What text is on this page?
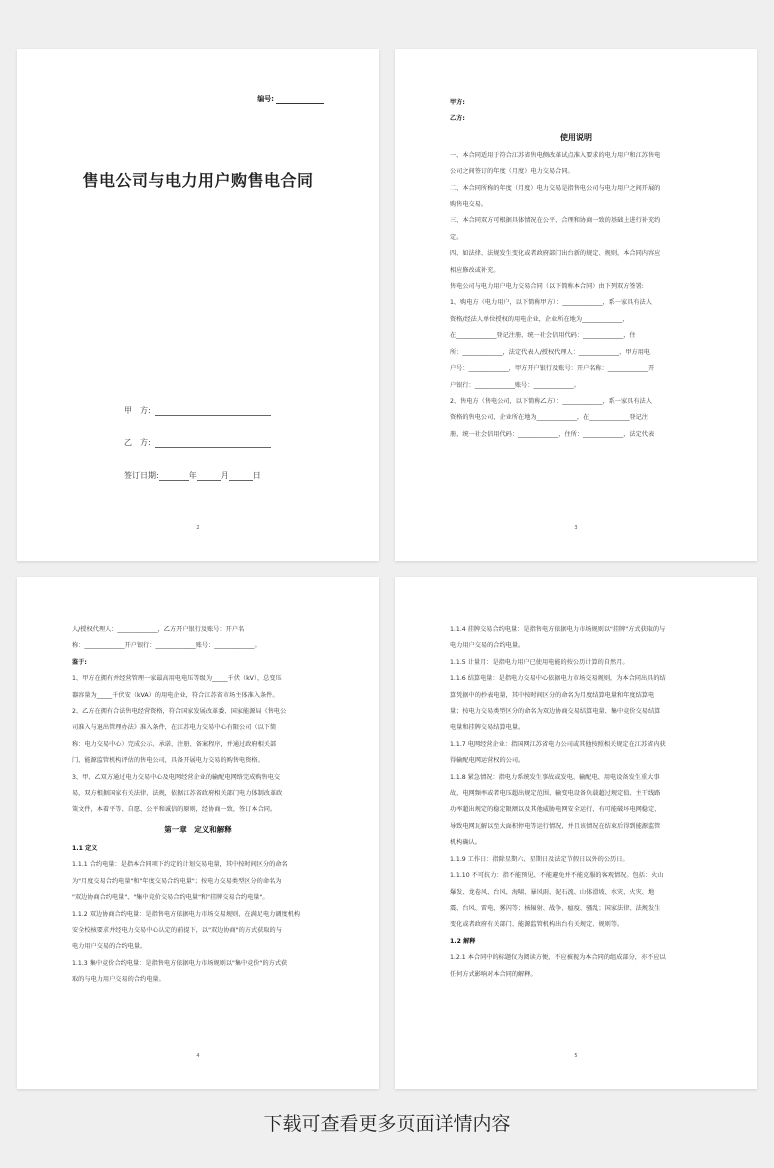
编号:
售电公司与电力用户购售电合同
甲　方:
乙　方:
签订日期:	年	月	日
2

甲方:

乙方:

使用说明

一、本合同适用于符合江苏省售电侧改革试点准入要求的电力用户和江苏售电

公司之间签订的年度（月度）电力交易合同。

二、本合同所称的年度（月度）电力交易是指售电公司与电力用户之间开展的

购售电交易。

三、本合同双方可根据具体情况在公平、合理和协商一致的基础上进行补充约

定。

四、如法律、法规发生变化或者政府部门出台新的规定、规则，本合同内容应

相应修改或补充。

售电公司与电力用户电力交易合同（以下简称本合同）由下列双方签署:

1、购电方（电力用户，以下简称甲方）：_____________，系一家具有法人

资格/经法人单位授权的用电企业，企业所在地为_____________，

在_____________登记注册，统一社会信用代码：_____________，住

所：_____________，法定代表人/授权代理人：_____________，甲方用电

户号：_____________，甲方开户银行及账号：开户名称：_____________开

户银行：_____________账号：_____________。

2、售电方（售电公司，以下简称乙方）：_____________，系一家具有法人

资格的售电公司，企业所在地为_____________，在_____________登记注

册，统一社会信用代码：_____________，住所：_____________，法定代表

3

人/授权代理人：_____________，乙方开户银行及账号：开户名

称：_____________开户银行：_____________账号：_____________。

鉴于:

1、甲方在拥有并经营管理一家最高用电电压等级为_____千伏（kV），总变压

器容量为_____千伏安（kVA）的用电企业，符合江苏省市场主体准入条件。

2、乙方在拥有合法售电经营资格，符合国家发展改革委、国家能源局《售电公

司准入与退出管理办法》准入条件，在江苏电力交易中心有限公司（以下简

称：电力交易中心）完成公示、承诺、注册、备案程序，并通过政府相关部

门、能源监管机构评估的售电公司，具备开展电力交易的购售电资格。

3、甲、乙双方通过电力交易中心及电网经营企业的输配电网络完成购售电交

易，双方根据国家有关法律、法规，依据江苏省政府相关部门电力体制改革政

策文件，本着平等、自愿、公平和诚信的原则，经协商一致，签订本合同。

第一章　定义和解释

1.1 定义

1.1.1 合约电量：是指本合同项下约定的计划交易电量，其中按时间区分的命名

为"月度交易合约电量"和"年度交易合约电量"；按电力交易类型区分的命名为

"双边协商合约电量"、"集中竞价交易合约电量"和"挂牌交易合约电量"。

1.1.2 双边协商合约电量：是指售电方依据电力市场交易规则，在满足电力调度机构

安全校核要求并经电力交易中心认定的前提下，以"双边协商"的方式获取的与

电力用户交易的合约电量。

1.1.3 集中竞价合约电量：是指售电方依据电力市场规则以"集中竞价"的方式获

取的与电力用户交易的合约电量。

4

1.1.4 挂牌交易合约电量：是指售电方依据电力市场规则以"挂牌"方式获取的与

电力用户交易的合约电量。

1.1.5 计量月：是指电力用户已使用电能的按公历计算的自然月。

1.1.6 结算电量：是指电力交易中心依据电力市场交易规则，为本合同出具的结

算凭据中的抄表电量，其中按时间区分的命名为月度结算电量和年度结算电

量；按电力交易类型区分的命名为双边协商交易结算电量、集中竞价交易结算

电量和挂牌交易结算电量。

1.1.7 电网经营企业：指国网江苏省电力公司或其他按照相关规定在江苏省内获

得输配电网运营权的公司。

1.1.8 紧急情况：指电力系统发生事故或发电、输配电、用电设备发生重大事

故，电网频率或者电压超出规定范围、输变电设备负载超过规定值、主干线路

功率超出规定的稳定限额以及其他威胁电网安全运行，有可能破坏电网稳定、

导致电网瓦解以至大面积停电等运行情况，并且该情况在结束后得到能源监管

机构确认。

1.1.9 工作日：指除星期六、星期日及法定节假日以外的公历日。

1.1.10 不可抗力：指不能预见、不能避免并不能克服的客观情况。包括：火山

爆发、龙卷风、台风、海啸、暴风雨、泥石流、山体滑坡、水灾、火灾、地

震、台风、雷电、雾闪等；核辐射、战争、瘟疫、骚乱；国家法律、法规发生

变化或者政府有关部门、能源监管机构出台有关规定、规则等。

1.2 解释

1.2.1 本合同中的标题仅为阅读方便，不应被视为本合同的组成部分，亦不应以

任何方式影响对本合同的解释。

5
下载可查看更多页面详情内容
